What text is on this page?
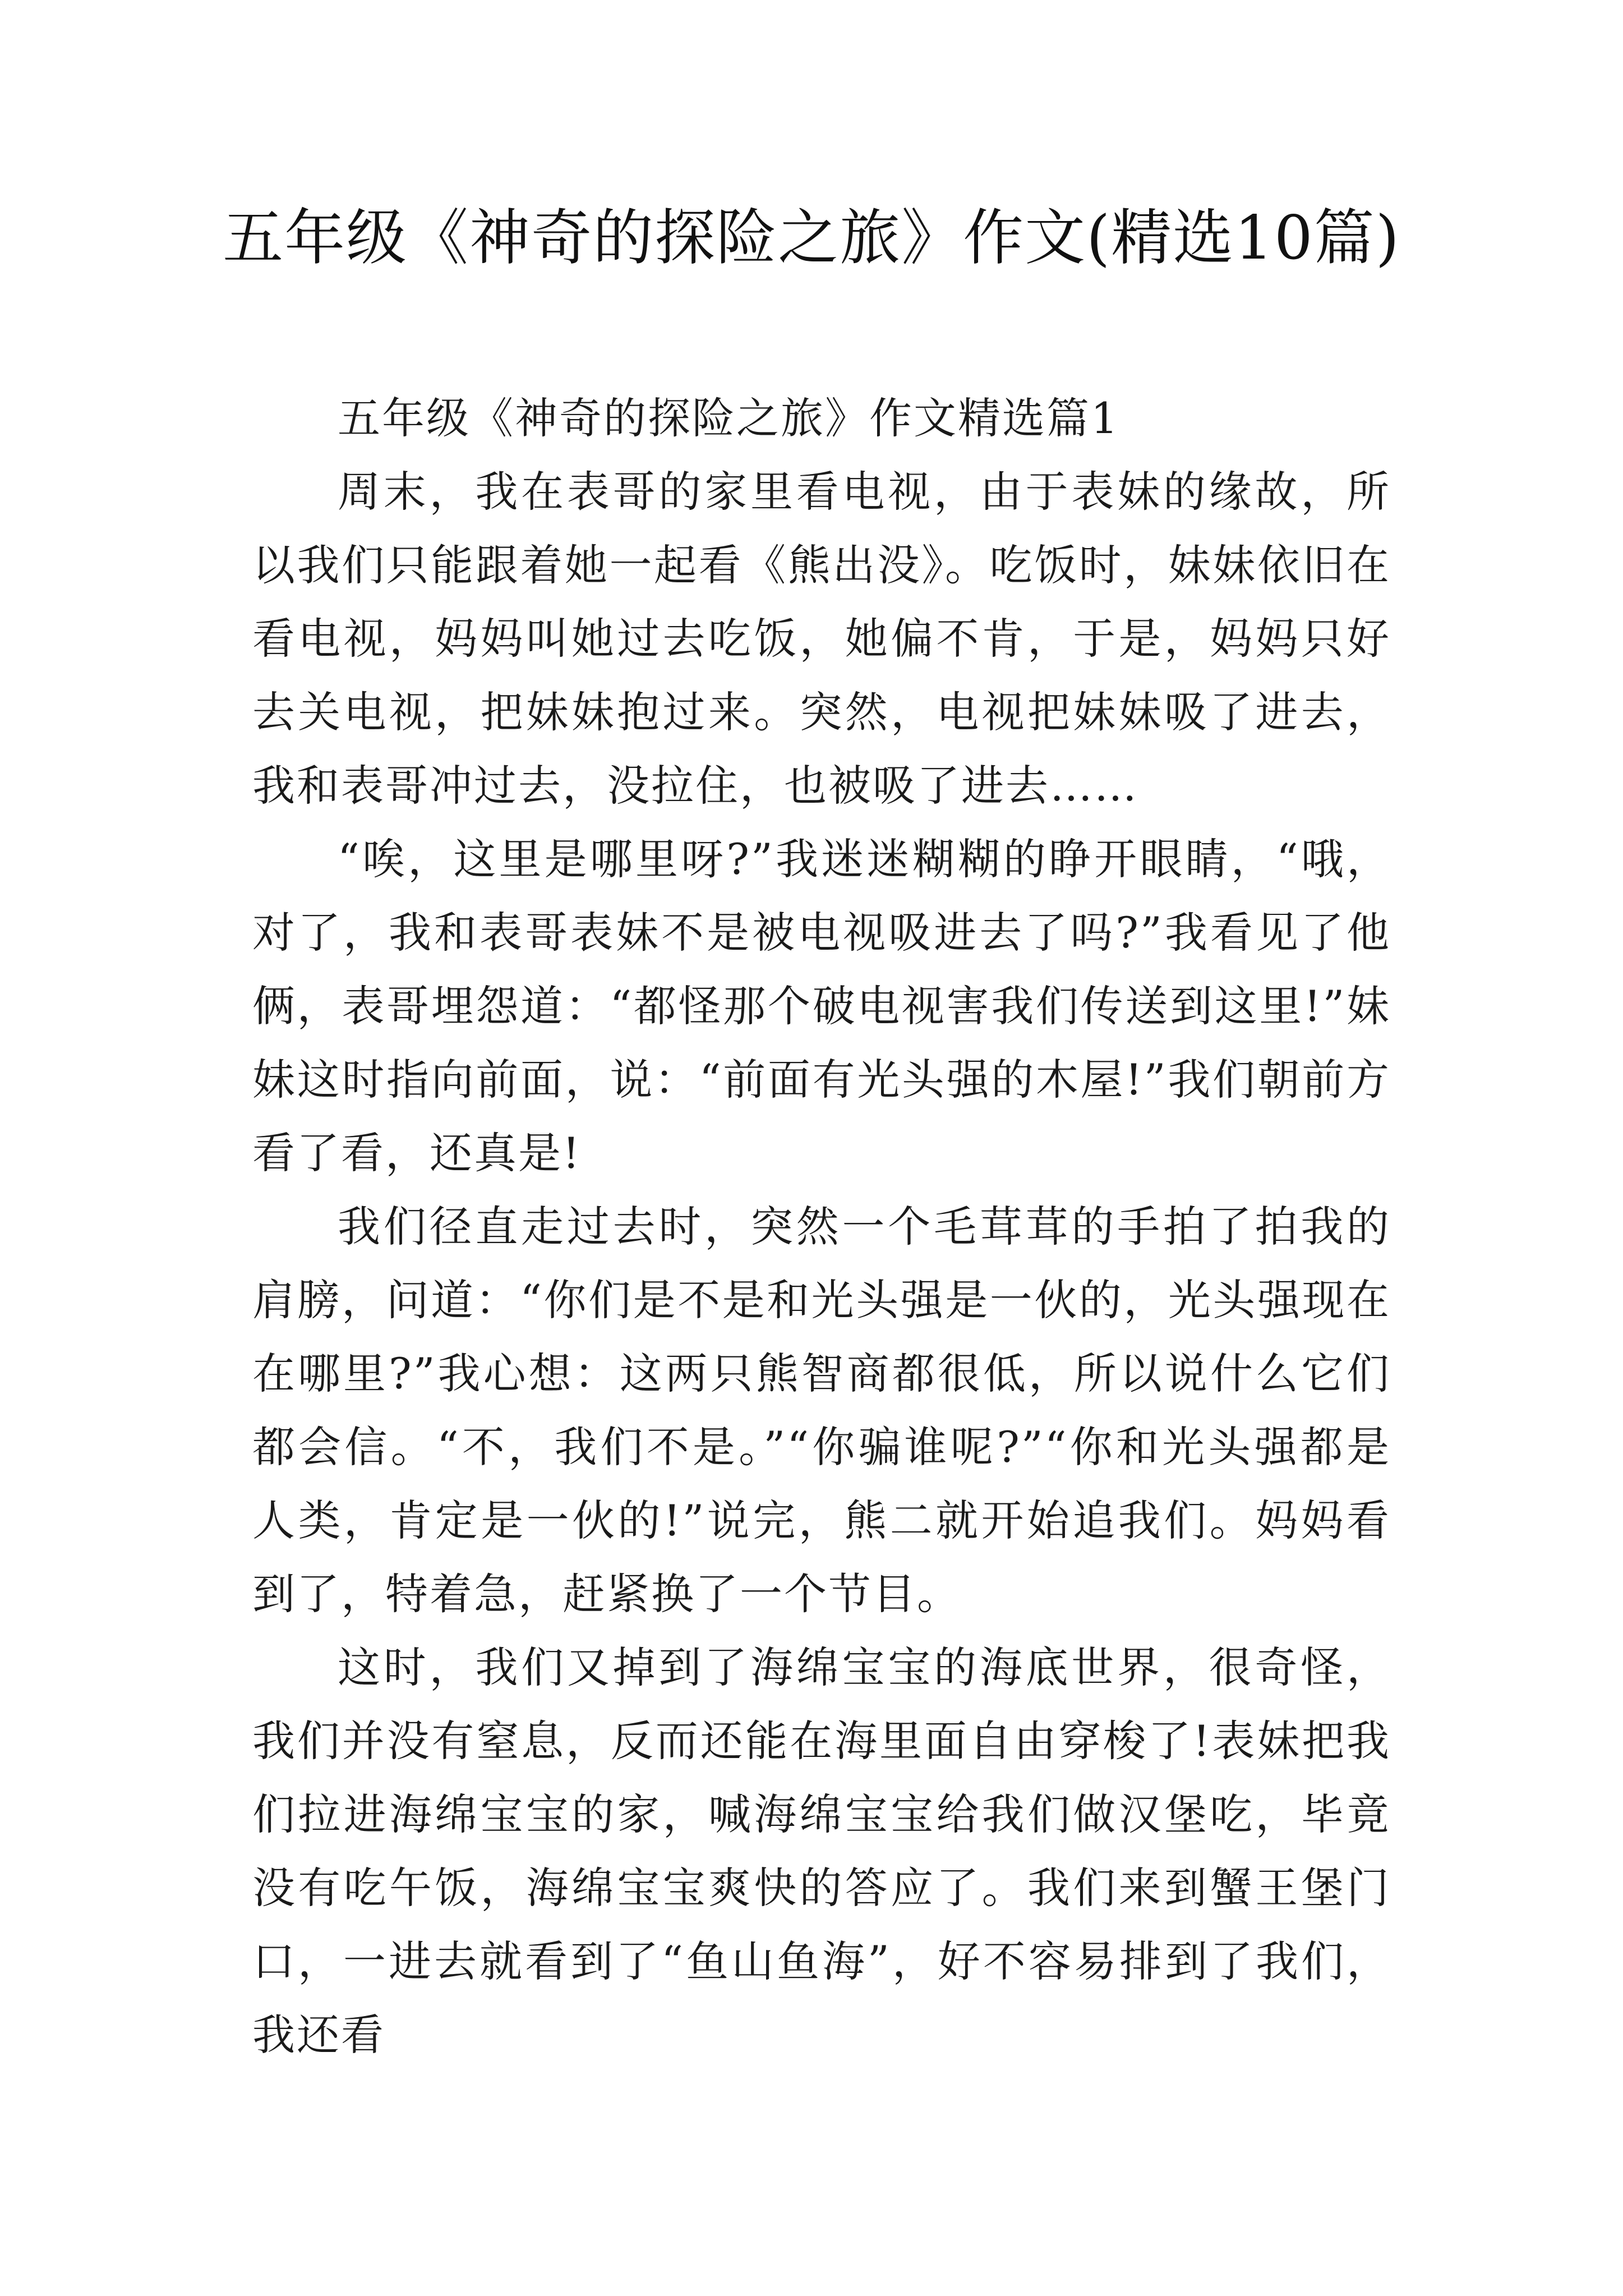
五年级《神奇的探险之旅》作文(精选10篇)

五年级《神奇的探险之旅》作文精选篇1

周末，我在表哥的家里看电视，由于表妹的缘故，所以我们只能跟着她一起看《熊出没》。吃饭时，妹妹依旧在看电视，妈妈叫她过去吃饭，她偏不肯，于是，妈妈只好去关电视，把妹妹抱过来。突然，电视把妹妹吸了进去，我和表哥冲过去，没拉住，也被吸了进去……

“唉，这里是哪里呀?”我迷迷糊糊的睁开眼睛，“哦，对了，我和表哥表妹不是被电视吸进去了吗?”我看见了他俩，表哥埋怨道：“都怪那个破电视害我们传送到这里!”妹妹这时指向前面，说：“前面有光头强的木屋!”我们朝前方看了看，还真是!

我们径直走过去时，突然一个毛茸茸的手拍了拍我的肩膀，问道：“你们是不是和光头强是一伙的，光头强现在在哪里?”我心想：这两只熊智商都很低，所以说什么它们都会信。“不，我们不是。”“你骗谁呢?”“你和光头强都是人类，肯定是一伙的!”说完，熊二就开始追我们。妈妈看到了，特着急，赶紧换了一个节目。

这时，我们又掉到了海绵宝宝的海底世界，很奇怪，我们并没有窒息，反而还能在海里面自由穿梭了!表妹把我们拉进海绵宝宝的家，喊海绵宝宝给我们做汉堡吃，毕竟没有吃午饭，海绵宝宝爽快的答应了。我们来到蟹王堡门口，一进去就看到了“鱼山鱼海”，好不容易排到了我们，我还看
